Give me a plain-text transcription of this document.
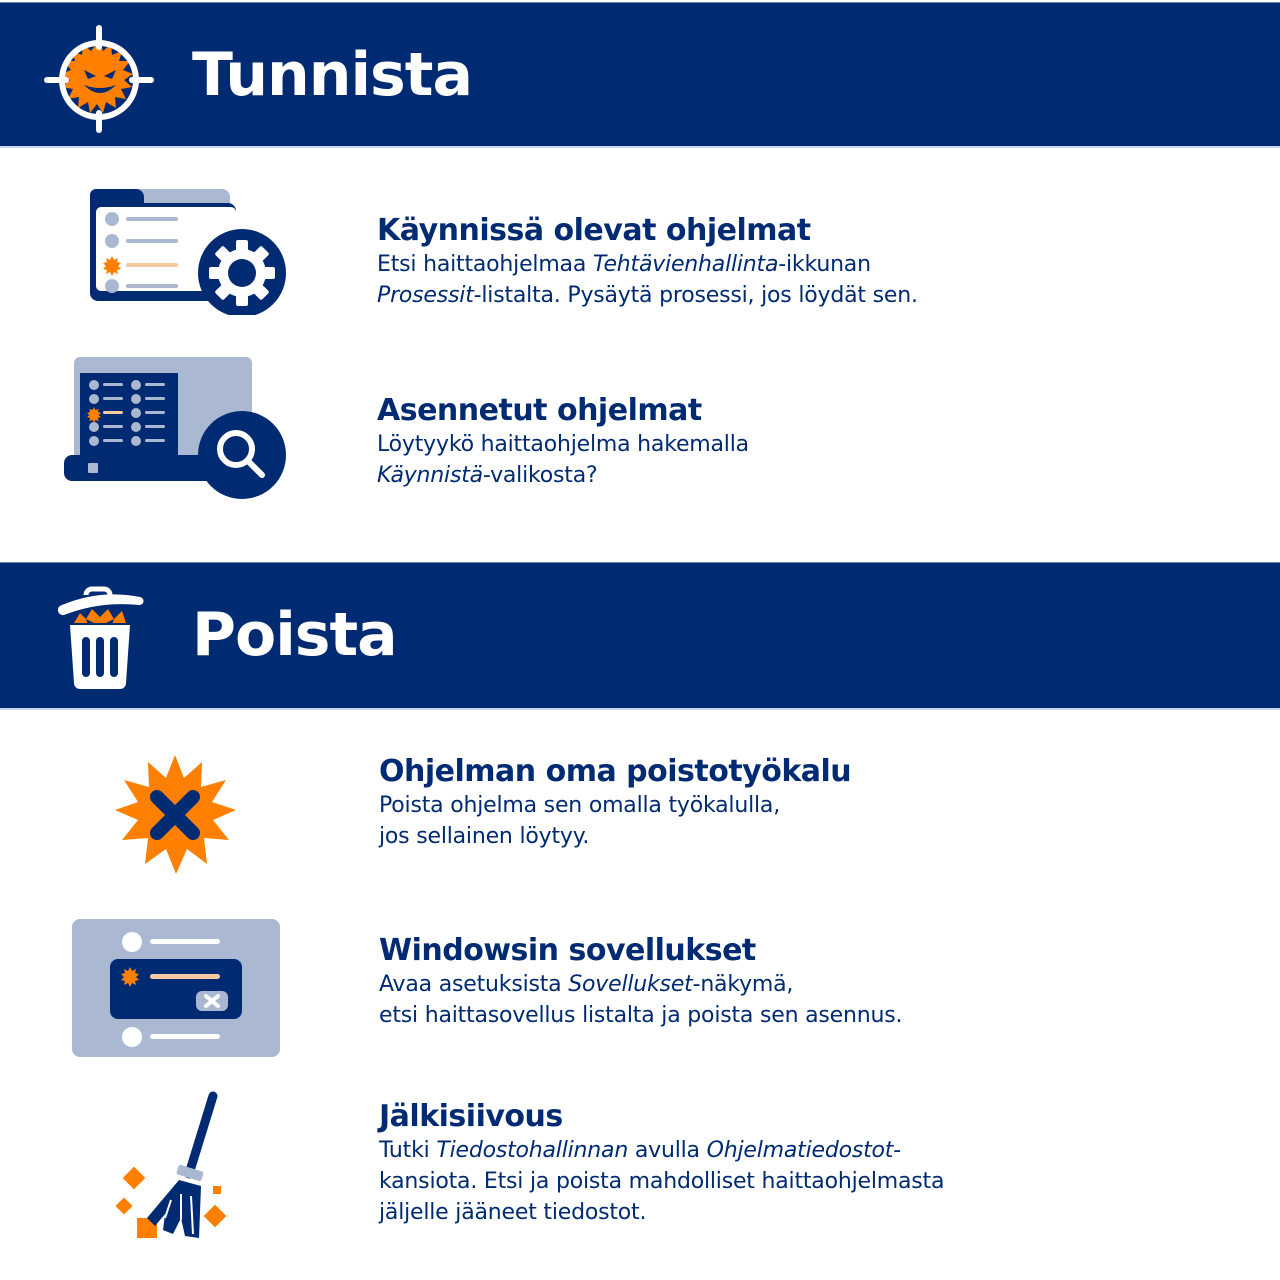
Tunnista
Käynnissä olevat ohjelmat

Etsi haittaohjelmaa Tehtävienhallinta-ikkunan
Prosessit-listalta. Pysäytä prosessi, jos löydät sen.

Asennetut ohjelmat

Löytyykö haittaohjelma hakemalla
Käynnistä-valikosta?

Poista
Ohjelman oma poistotyökalu

Poista ohjelma sen omalla työkalulla,
jos sellainen löytyy.

Windowsin sovellukset

Avaa asetuksista Sovellukset-näkymä,
etsi haittasovellus listalta ja poista sen asennus.

Jälkisiivous

Tutki Tiedostohallinnan avulla Ohjelmatiedostot-
kansiota. Etsi ja poista mahdolliset haittaohjelmasta
jäljelle jääneet tiedostot.
